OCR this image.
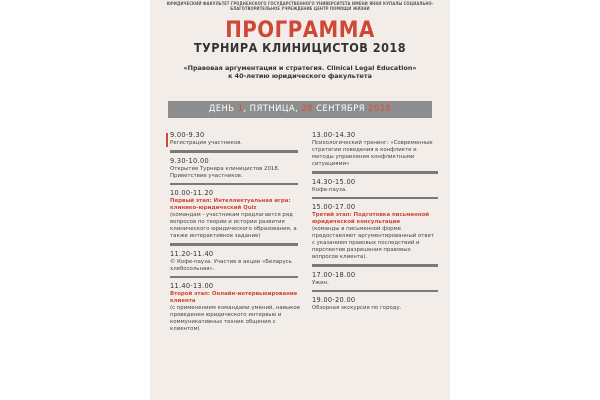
ЮРИДИЧЕСКИЙ ФАКУЛЬТЕТ ГРОДНЕНСКОГО ГОСУДАРСТВЕННОГО УНИВЕРСИТЕТА ИМЕНИ ЯНКИ КУПАЛЫ СОЦИАЛЬНО-БЛАГОТВОРИТЕЛЬНОЕ УЧРЕЖДЕНИЕ ЦЕНТР ПОМОЩИ ЖИЗНИ
ПРОГРАММА
ТУРНИРА КЛИНИЦИСТОВ 2018
«Правовая аргументация и стратегия. Clinical Legal Education»
к 40-летию юридического факультета
ДЕНЬ 1, ПЯТНИЦА, 28 СЕНТЯБРЯ 2018
9.00-9.30
Регистрация участников.
9.30-10.00
Открытие Турнира клиницистов 2018. Приветствие участников.
10.00-11.20
Первый этап: Интеллектуальная игра: клинико-юридический Quiz
(командам - участникам предлагается ряд вопросов по теории и истории развития клинического юридического образования, а также интерактивное задание)
11.20-11.40
© Кофе-пауза. Участие в акции «Беларусь хлебосольная».
11.40-13.00
Второй этап: Онлайн-интервьюирование клиента
(с применением командами умений, навыков проведения юридического интервью и коммуникативных техник общения с клиентом)
13.00-14.30
Психологический тренинг: «Современные стратегии поведения в конфликте и методы управления конфликтными ситуациями»
14.30-15.00
Кофе-пауза.
15.00-17.00
Третий этап: Подготовка письменной юридической консультации
(команды в письменной форме предоставляют аргументированный ответ с указанием правовых последствий и перспектив разрешения правовых вопросов клиента).
17.00-18.00
Ужин.
19.00-20.00
Обзорная экскурсия по городу.
